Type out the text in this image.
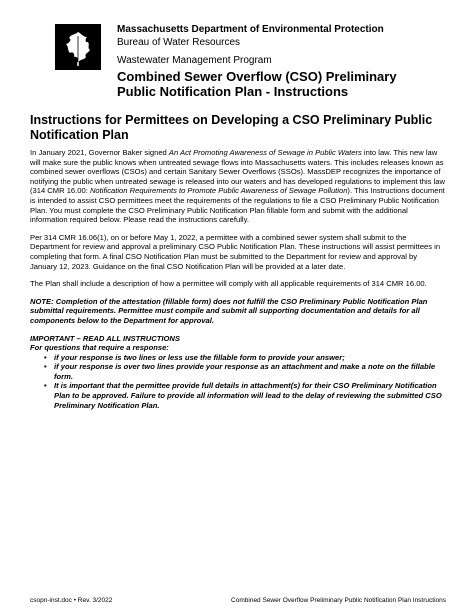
Massachusetts Department of Environmental Protection
Bureau of Water Resources
Wastewater Management Program
Combined Sewer Overflow (CSO) Preliminary Public Notification Plan - Instructions
Instructions for Permittees on Developing a CSO Preliminary Public Notification Plan

In January 2021, Governor Baker signed An Act Promoting Awareness of Sewage in Public Waters into law. This new law will make sure the public knows when untreated sewage flows into Massachusetts waters. This includes releases known as combined sewer overflows (CSOs) and certain Sanitary Sewer Overflows (SSOs). MassDEP recognizes the importance of notifying the public when untreated sewage is released into our waters and has developed regulations to implement this law (314 CMR 16.00: Notification Requirements to Promote Public Awareness of Sewage Pollution). This Instructions document is intended to assist CSO permittees meet the requirements of the regulations to file a CSO Preliminary Public Notification Plan. You must complete the CSO Preliminary Public Notification Plan fillable form and submit with the additional information required below. Please read the instructions carefully.

Per 314 CMR 16.06(1), on or before May 1, 2022, a permittee with a combined sewer system shall submit to the Department for review and approval a preliminary CSO Public Notification Plan. These instructions will assist permittees in completing that form. A final CSO Notification Plan must be submitted to the Department for review and approval by January 12, 2023. Guidance on the final CSO Notification Plan will be provided at a later date.

The Plan shall include a description of how a permittee will comply with all applicable requirements of 314 CMR 16.00.

NOTE: Completion of the attestation (fillable form) does not fulfill the CSO Preliminary Public Notification Plan submittal requirements. Permittee must compile and submit all supporting documentation and details for all components below to the Department for approval.

IMPORTANT – READ ALL INSTRUCTIONS
For questions that require a response:
• if your response is two lines or less use the fillable form to provide your answer;
• if your response is over two lines provide your response as an attachment and make a note on the fillable form.
• It is important that the permittee provide full details in attachment(s) for their CSO Preliminary Notification Plan to be approved. Failure to provide all information will lead to the delay of reviewing the submitted CSO Preliminary Notification Plan.
csopn-inst.doc • Rev. 3/2022	Combined Sewer Overflow Preliminary Public Notification Plan Instructions
